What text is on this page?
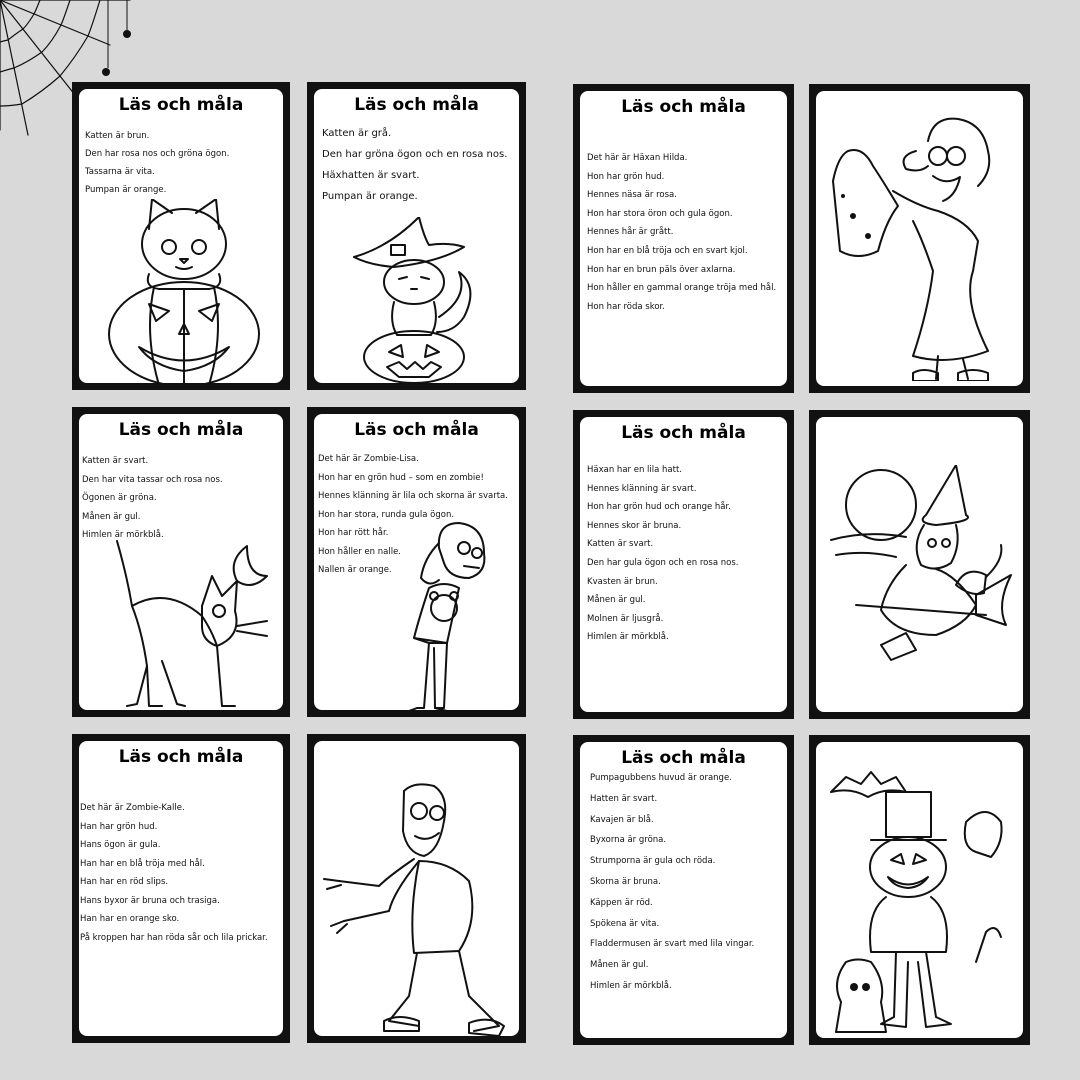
Läs och måla
Katten är brun.
Den har rosa nos och gröna ögon.
Tassarna är vita.
Pumpan är orange.
Läs och måla
Katten är grå.
Den har gröna ögon och en rosa nos.
Häxhatten är svart.
Pumpan är orange.
Läs och måla
Det här är Häxan Hilda.
Hon har grön hud.
Hennes näsa är rosa.
Hon har stora öron och gula ögon.
Hennes hår är grått.
Hon har en blå tröja och en svart kjol.
Hon har en brun päls över axlarna.
Hon håller en gammal orange tröja med hål.
Hon har röda skor.
Läs och måla
Katten är svart.
Den har vita tassar och rosa nos.
Ögonen är gröna.
Månen är gul.
Himlen är mörkblå.
Läs och måla
Det här är Zombie-Lisa.
Hon har en grön hud – som en zombie!
Hennes klänning är lila och skorna är svarta.
Hon har stora, runda gula ögon.
Hon har rött hår.
Hon håller en nalle.
Nallen är orange.
Läs och måla
Häxan har en lila hatt.
Hennes klänning är svart.
Hon har grön hud och orange hår.
Hennes skor är bruna.
Katten är svart.
Den har gula ögon och en rosa nos.
Kvasten är brun.
Månen är gul.
Molnen är ljusgrå.
Himlen är mörkblå.
Läs och måla
Det här är Zombie-Kalle.
Han har grön hud.
Hans ögon är gula.
Han har en blå tröja med hål.
Han har en röd slips.
Hans byxor är bruna och trasiga.
Han har en orange sko.
På kroppen har han röda sår och lila prickar.
Läs och måla
Pumpagubbens huvud är orange.
Hatten är svart.
Kavajen är blå.
Byxorna är gröna.
Strumporna är gula och röda.
Skorna är bruna.
Käppen är röd.
Spökena är vita.
Fladdermusen är svart med lila vingar.
Månen är gul.
Himlen är mörkblå.
